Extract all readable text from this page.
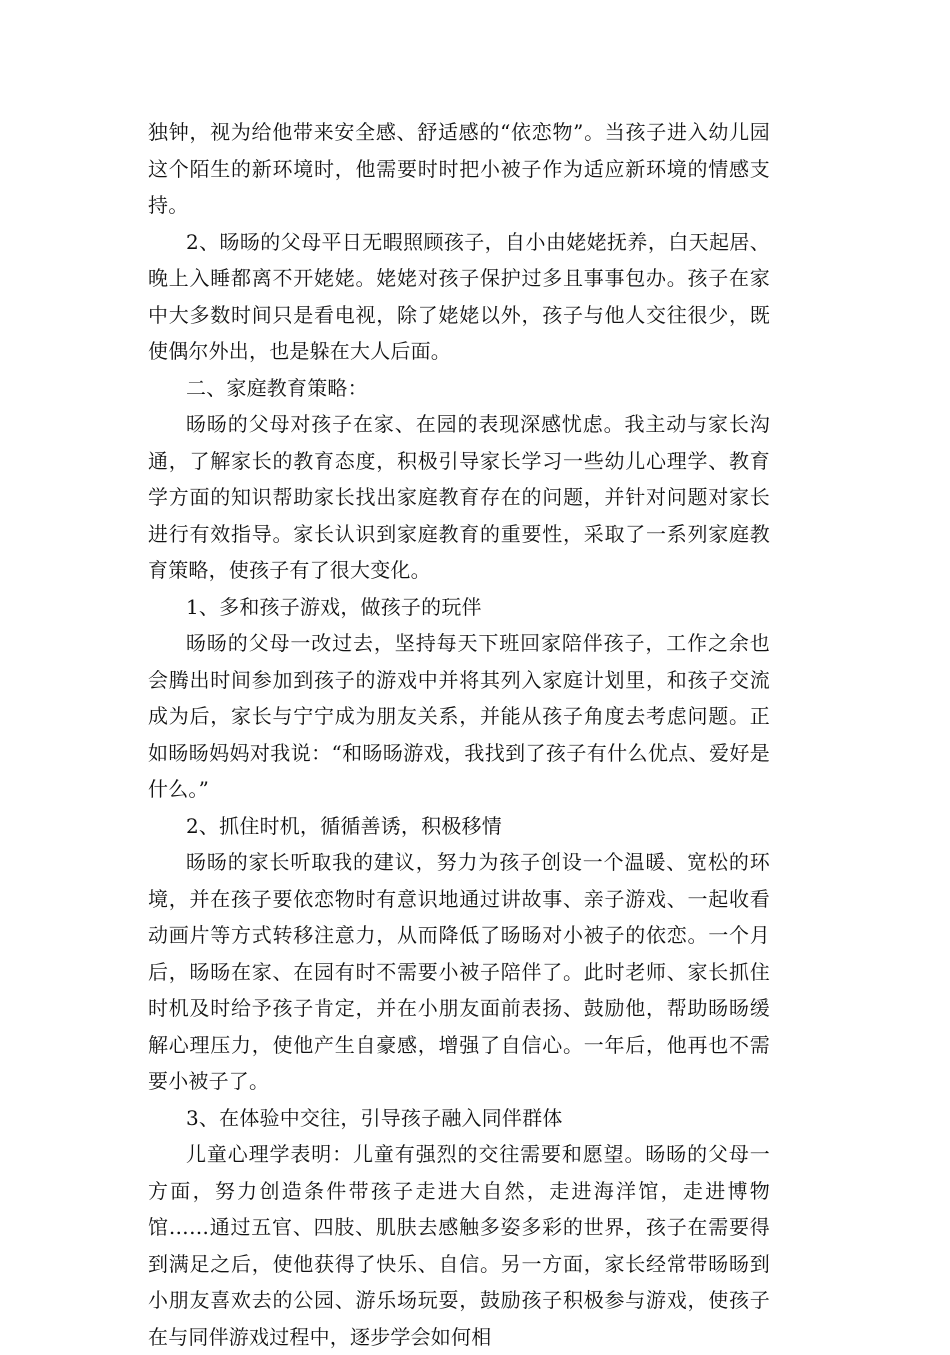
独钟，视为给他带来安全感、舒适感的“依恋物”。当孩子进入幼儿园这个陌生的新环境时，他需要时时把小被子作为适应新环境的情感支持。

2、旸旸的父母平日无暇照顾孩子，自小由姥姥抚养，白天起居、晚上入睡都离不开姥姥。姥姥对孩子保护过多且事事包办。孩子在家中大多数时间只是看电视，除了姥姥以外，孩子与他人交往很少，既使偶尔外出，也是躲在大人后面。

二、家庭教育策略：

旸旸的父母对孩子在家、在园的表现深感忧虑。我主动与家长沟通，了解家长的教育态度，积极引导家长学习一些幼儿心理学、教育学方面的知识帮助家长找出家庭教育存在的问题，并针对问题对家长进行有效指导。家长认识到家庭教育的重要性，采取了一系列家庭教育策略，使孩子有了很大变化。

1、多和孩子游戏，做孩子的玩伴

旸旸的父母一改过去，坚持每天下班回家陪伴孩子，工作之余也会腾出时间参加到孩子的游戏中并将其列入家庭计划里，和孩子交流成为后，家长与宁宁成为朋友关系，并能从孩子角度去考虑问题。正如旸旸妈妈对我说：“和旸旸游戏，我找到了孩子有什么优点、爱好是什么。”

2、抓住时机，循循善诱，积极移情

旸旸的家长听取我的建议，努力为孩子创设一个温暖、宽松的环境，并在孩子要依恋物时有意识地通过讲故事、亲子游戏、一起收看动画片等方式转移注意力，从而降低了旸旸对小被子的依恋。一个月后，旸旸在家、在园有时不需要小被子陪伴了。此时老师、家长抓住时机及时给予孩子肯定，并在小朋友面前表扬、鼓励他，帮助旸旸缓解心理压力，使他产生自豪感，增强了自信心。一年后，他再也不需要小被子了。

3、在体验中交往，引导孩子融入同伴群体

儿童心理学表明：儿童有强烈的交往需要和愿望。旸旸的父母一方面，努力创造条件带孩子走进大自然，走进海洋馆，走进博物馆……通过五官、四肢、肌肤去感触多姿多彩的世界，孩子在需要得到满足之后，使他获得了快乐、自信。另一方面，家长经常带旸旸到小朋友喜欢去的公园、游乐场玩耍，鼓励孩子积极参与游戏，使孩子在与同伴游戏过程中，逐步学会如何相
